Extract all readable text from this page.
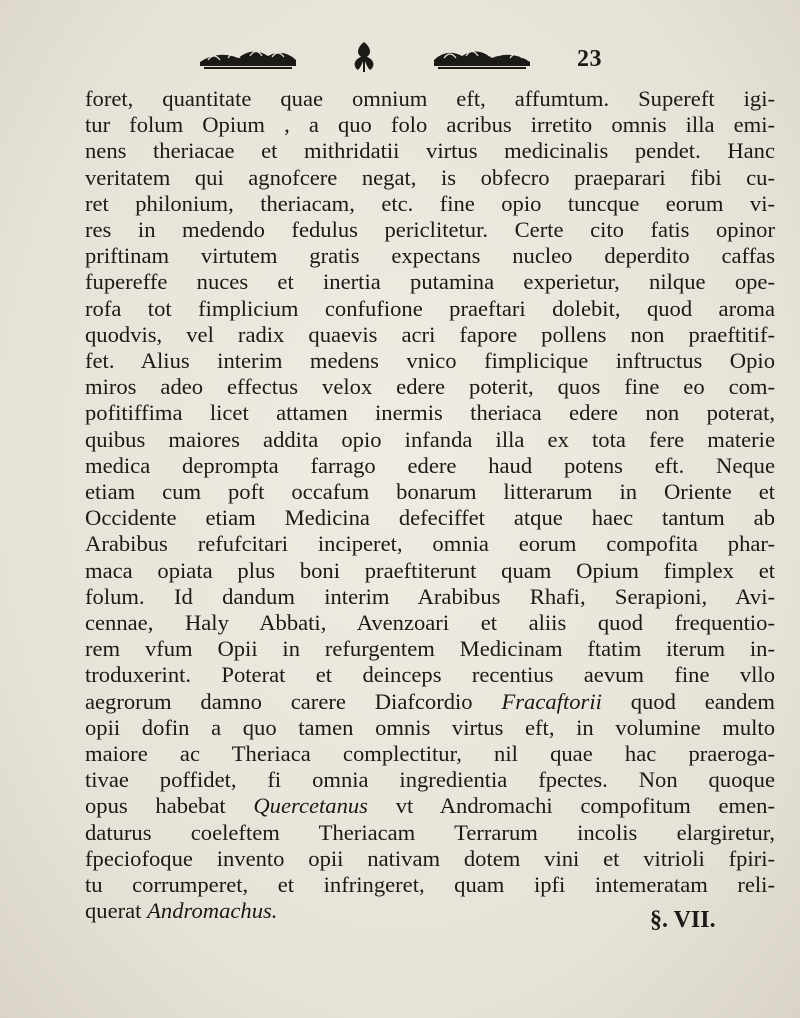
23
foret, quantitate quae omnium eft, affumtum. Supereft igi-
tur folum Opium , a quo folo acribus irretito omnis illa emi-
nens theriacae et mithridatii virtus medicinalis pendet. Hanc
veritatem qui agnofcere negat, is obfecro praeparari fibi cu-
ret philonium, theriacam, etc. fine opio tuncque eorum vi-
res in medendo fedulus periclitetur. Certe cito fatis opinor
priftinam virtutem gratis expectans nucleo deperdito caffas
fupereffe nuces et inertia putamina experietur, nilque ope-
rofa tot fimplicium confufione praeftari dolebit, quod aroma
quodvis, vel radix quaevis acri fapore pollens non praeftitif-
fet. Alius interim medens vnico fimplicique inftructus Opio
miros adeo effectus velox edere poterit, quos fine eo com-
pofitiffima licet attamen inermis theriaca edere non poterat,
quibus maiores addita opio infanda illa ex tota fere materie
medica deprompta farrago edere haud potens eft. Neque
etiam cum poft occafum bonarum litterarum in Oriente et
Occidente etiam Medicina defeciffet atque haec tantum ab
Arabibus refufcitari inciperet, omnia eorum compofita phar-
maca opiata plus boni praeftiterunt quam Opium fimplex et
folum. Id dandum interim Arabibus Rhafi, Serapioni, Avi-
cennae, Haly Abbati, Avenzoari et aliis quod frequentio-
rem vfum Opii in refurgentem Medicinam ftatim iterum in-
troduxerint. Poterat et deinceps recentius aevum fine vllo
aegrorum damno carere Diafcordio Fracaftorii quod eandem
opii dofin a quo tamen omnis virtus eft, in volumine multo
maiore ac Theriaca complectitur, nil quae hac praeroga-
tivae poffidet, fi omnia ingredientia fpectes. Non quoque
opus habebat Quercetanus vt Andromachi compofitum emen-
daturus coeleftem Theriacam Terrarum incolis elargiretur,
fpeciofoque invento opii nativam dotem vini et vitrioli fpiri-
tu corrumperet, et infringeret, quam ipfi intemeratam reli-
querat Andromachus.	§. VII.
